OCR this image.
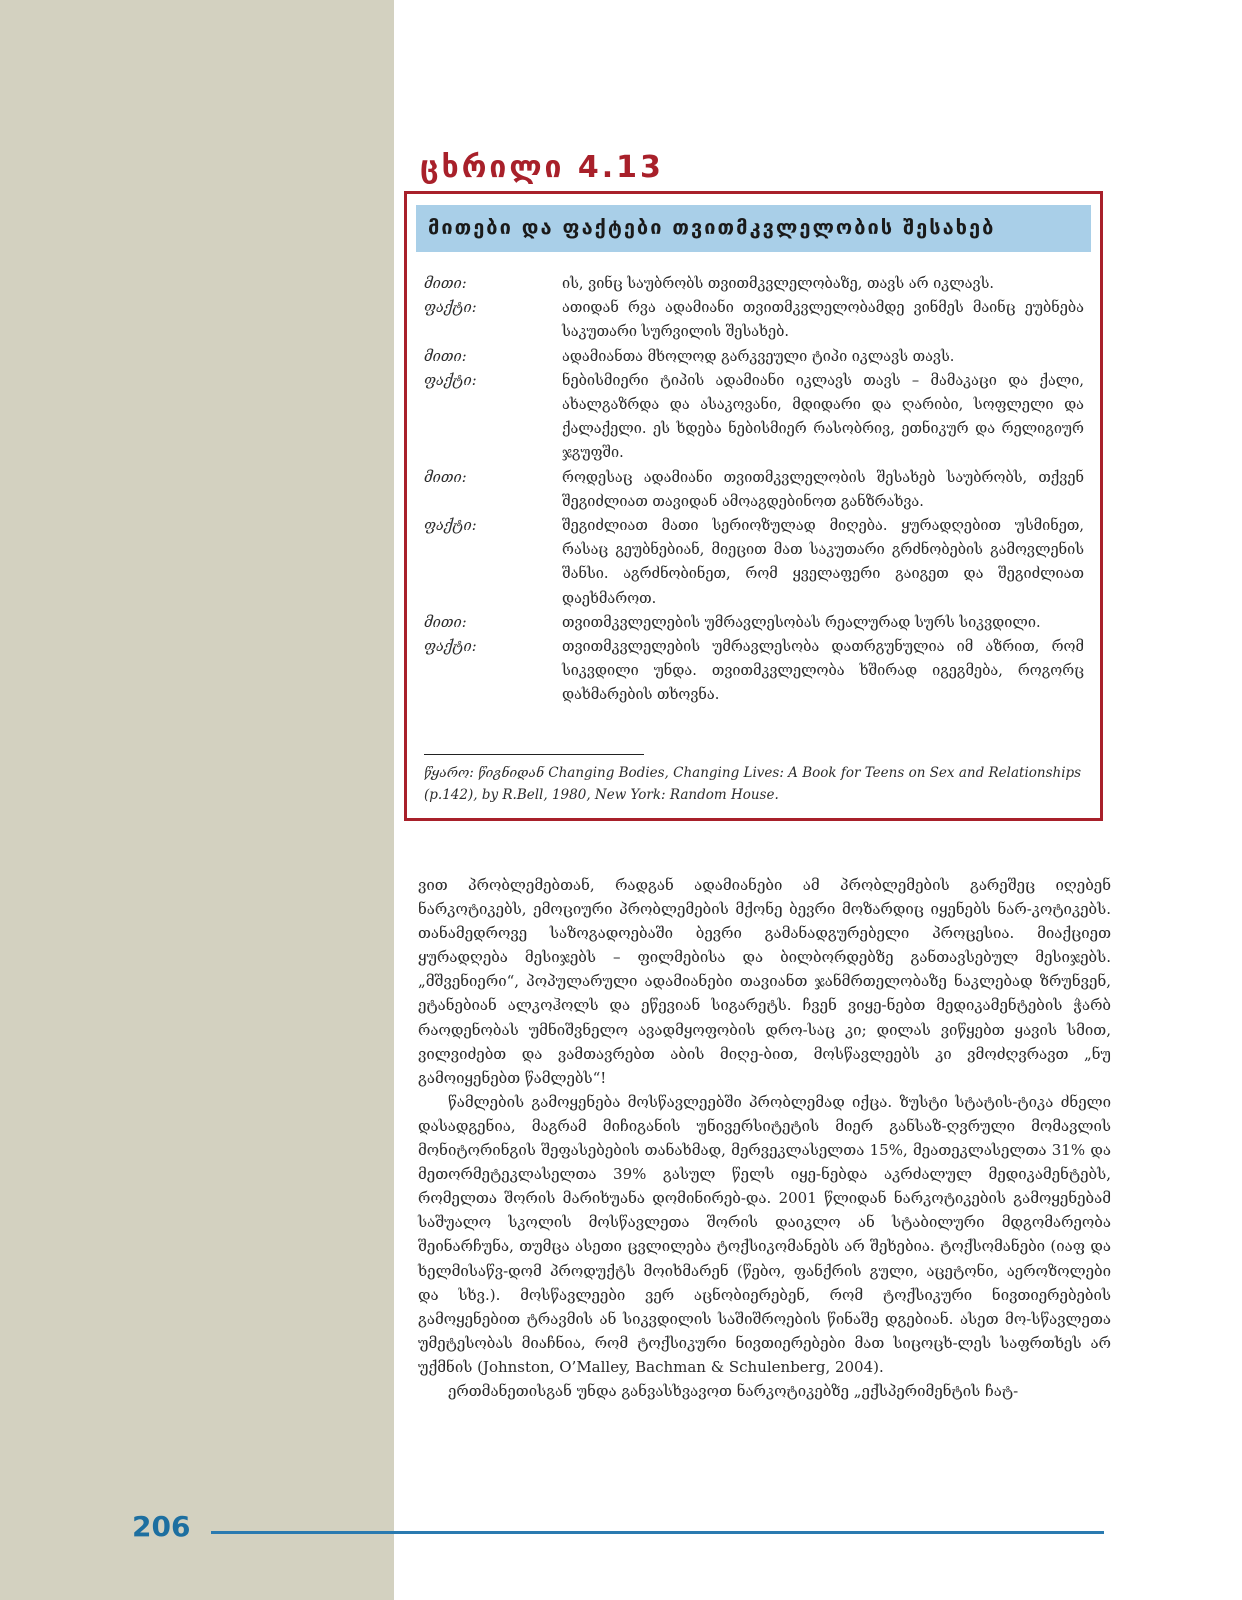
ცხრილი 4.13
მითები და ფაქტები თვითმკვლელობის შესახებ
მითი:	ის, ვინც საუბრობს თვითმკვლელობაზე, თავს არ იკლავს.
ფაქტი:	ათიდან რვა ადამიანი თვითმკვლელობამდე ვინმეს მაინც ეუბნება საკუთარი სურვილის შესახებ.
მითი:	ადამიანთა მხოლოდ გარკვეული ტიპი იკლავს თავს.
ფაქტი:	ნებისმიერი ტიპის ადამიანი იკლავს თავს – მამაკაცი და ქალი, ახალგაზრდა და ასაკოვანი, მდიდარი და ღარიბი, სოფლელი და ქალაქელი. ეს ხდება ნებისმიერ რასობრივ, ეთნიკურ და რელიგიურ ჯგუფში.
მითი:	როდესაც ადამიანი თვითმკვლელობის შესახებ საუბრობს, თქვენ შეგიძლიათ თავიდან ამოაგდებინოთ განზრახვა.
ფაქტი:	შეგიძლიათ მათი სერიოზულად მიღება. ყურადღებით უსმინეთ, რასაც გეუბნებიან, მიეცით მათ საკუთარი გრძნობების გამოვლენის შანსი. აგრძნობინეთ, რომ ყველაფერი გაიგეთ და შეგიძლიათ დაეხმაროთ.
მითი:	თვითმკვლელების უმრავლესობას რეალურად სურს სიკვდილი.
ფაქტი:	თვითმკვლელების უმრავლესობა დათრგუნულია იმ აზრით, რომ სიკვდილი უნდა. თვითმკვლელობა ხშირად იგეგმება, როგორც დახმარების თხოვნა.
წყარო: წიგნიდან Changing Bodies, Changing Lives: A Book for Teens on Sex and Relationships (p.142), by R.Bell, 1980, New York: Random House.

ვით პრობლემებთან, რადგან ადამიანები ამ პრობლემების გარეშეც იღებენ ნარკოტიკებს, ემოციური პრობლემების მქონე ბევრი მოზარდიც იყენებს ნარ-კოტიკებს. თანამედროვე საზოგადოებაში ბევრი გამანადგურებელი პროცესია. მიაქციეთ ყურადღება მესიჯებს – ფილმებისა და ბილბორდებზე განთავსებულ მესიჯებს. „მშვენიერი“, პოპულარული ადამიანები თავიანთ ჯანმრთელობაზე ნაკლებად ზრუნვენ, ეტანებიან ალკოჰოლს და ეწევიან სიგარეტს. ჩვენ ვიყე-ნებთ მედიკამენტების ჭარბ რაოდენობას უმნიშვნელო ავადმყოფობის დრო-საც კი; დილას ვიწყებთ ყავის სმით, ვილვიძებთ და ვამთავრებთ აბის მიღე-ბით, მოსწავლეებს კი ვმოძღვრავთ „ნუ გამოიყენებთ წამლებს“!

წამლების გამოყენება მოსწავლეებში პრობლემად იქცა. ზუსტი სტატის-ტიკა ძნელი დასადგენია, მაგრამ მიჩიგანის უნივერსიტეტის მიერ განსაზ-ღვრული მომავლის მონიტორინგის შეფასებების თანახმად, მერვეკლასელთა 15%, მეათეკლასელთა 31% და მეთორმეტეკლასელთა 39% გასულ წელს იყე-ნებდა აკრძალულ მედიკამენტებს, რომელთა შორის მარიხუანა დომინირებ-და. 2001 წლიდან ნარკოტიკების გამოყენებამ საშუალო სკოლის მოსწავლეთა შორის დაიკლო ან სტაბილური მდგომარეობა შეინარჩუნა, თუმცა ასეთი ცვლილება ტოქსიკომანებს არ შეხებია. ტოქსომანები (იაფ და ხელმისაწვ-დომ პროდუქტს მოიხმარენ (წებო, ფანქრის გული, აცეტონი, აეროზოლები და სხვ.). მოსწავლეები ვერ აცნობიერებენ, რომ ტოქსიკური ნივთიერებების გამოყენებით ტრავმის ან სიკვდილის საშიშროების წინაშე დგებიან. ასეთ მო-სწავლეთა უმეტესობას მიაჩნია, რომ ტოქსიკური ნივთიერებები მათ სიცოცხ-ლეს საფრთხეს არ უქმნის (Johnston, O’Malley, Bachman & Schulenberg, 2004).

ერთმანეთისგან უნდა განვასხვავოთ ნარკოტიკებზე „ექსპერიმენტის ჩატ-

206
